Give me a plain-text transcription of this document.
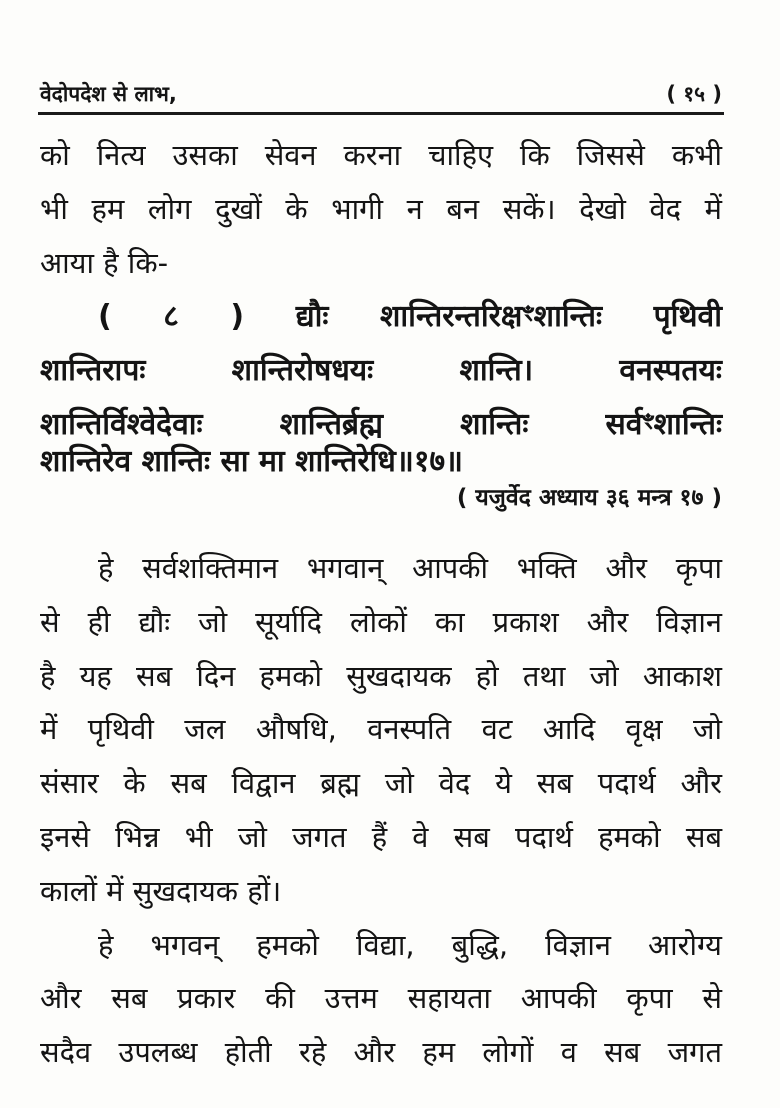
वेदोपदेश से लाभ,	( १५ )
को नित्य उसका सेवन करना चाहिए कि जिससे कभी
भी हम लोग दुखों के भागी न बन सकें। देखो वेद में
आया है कि-
( ८ ) द्यौः शान्तिरन्तरिक्षꣳशान्तिः पृथिवी
शान्तिरापः शान्तिरोषधयः शान्ति। वनस्पतयः
शान्तिर्विश्वेदेवाः शान्तिर्ब्रह्म शान्तिः सर्वꣳशान्तिः
शान्तिरेव शान्तिः सा मा शान्तिरेधि॥१७॥
( यजुर्वेद अध्याय ३६ मन्त्र १७ )
हे सर्वशक्तिमान भगवान् आपकी भक्ति और कृपा
से ही द्यौः जो सूर्यादि लोकों का प्रकाश और विज्ञान
है यह सब दिन हमको सुखदायक हो तथा जो आकाश
में पृथिवी जल औषधि, वनस्पति वट आदि वृक्ष जो
संसार के सब विद्वान ब्रह्म जो वेद ये सब पदार्थ और
इनसे भिन्न भी जो जगत हैं वे सब पदार्थ हमको सब
कालों में सुखदायक हों।
हे भगवन् हमको विद्या, बुद्धि, विज्ञान आरोग्य
और सब प्रकार की उत्तम सहायता आपकी कृपा से
सदैव उपलब्ध होती रहे और हम लोगों व सब जगत
